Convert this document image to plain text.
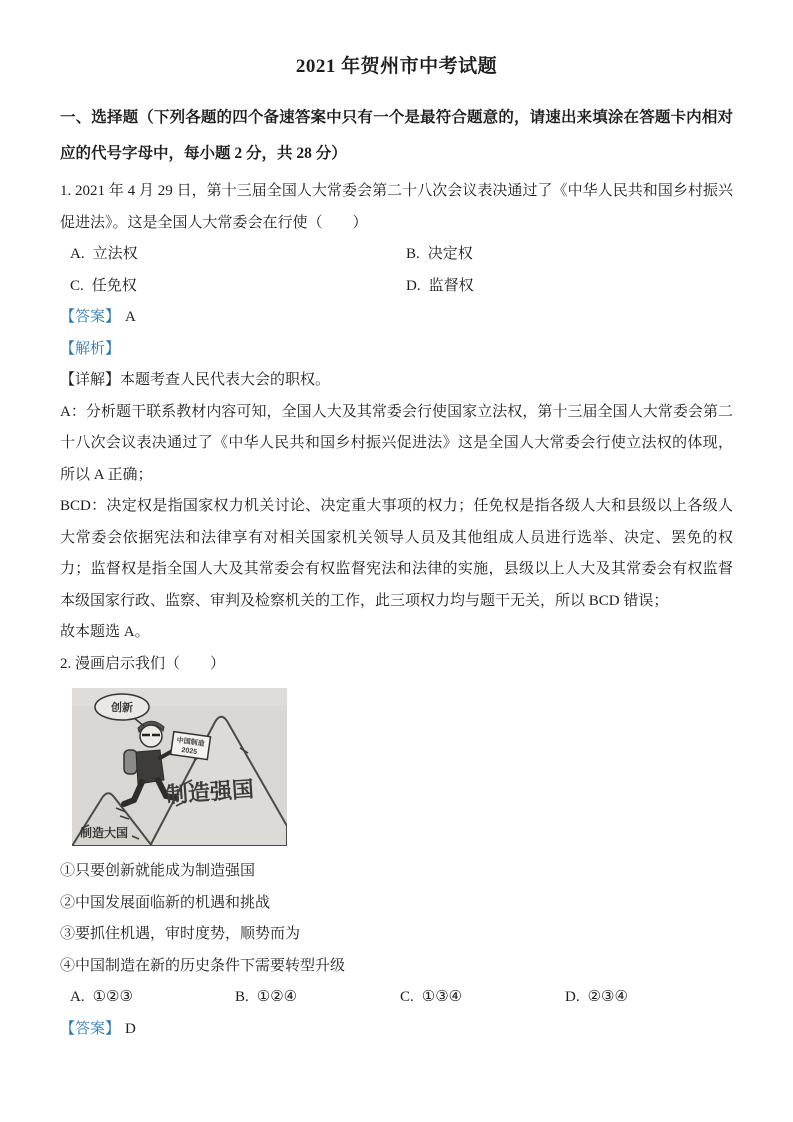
2021 年贺州市中考试题
一、选择题（下列各题的四个备速答案中只有一个是最符合题意的，请速出来填涂在答题卡内相对应的代号字母中，每小题 2 分，共 28 分）

1. 2021 年 4 月 29 日，第十三届全国人大常委会第二十八次会议表决通过了《中华人民共和国乡村振兴促进法》。这是全国人大常委会在行使（　　）

A. 立法权	B. 决定权
C. 任免权	D. 监督权

【答案】 A

【解析】

【详解】本题考查人民代表大会的职权。

A：分析题干联系教材内容可知，全国人大及其常委会行使国家立法权，第十三届全国人大常委会第二十八次会议表决通过了《中华人民共和国乡村振兴促进法》这是全国人大常委会行使立法权的体现，所以 A 正确；

BCD：决定权是指国家权力机关讨论、决定重大事项的权力；任免权是指各级人大和县级以上各级人大常委会依据宪法和法律享有对相关国家机关领导人员及其他组成人员进行选举、决定、罢免的权力；监督权是指全国人大及其常委会有权监督宪法和法律的实施，县级以上人大及其常委会有权监督本级国家行政、监察、审判及检察机关的工作，此三项权力均与题干无关，所以 BCD 错误；

故本题选 A。

2. 漫画启示我们（　　）

中国制造
2025
创新
制造强国
制造大国

①只要创新就能成为制造强国

②中国发展面临新的机遇和挑战

③要抓住机遇，审时度势，顺势而为

④中国制造在新的历史条件下需要转型升级

A. ①②③	B. ①②④	C. ①③④	D. ②③④

【答案】 D
